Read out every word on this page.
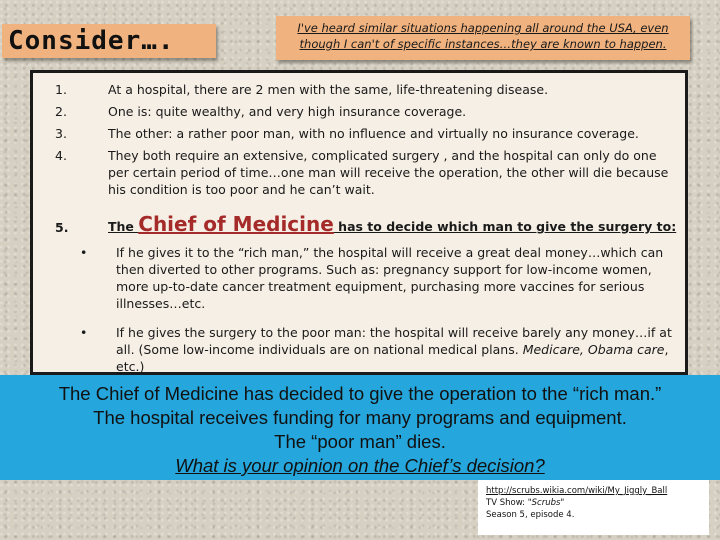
Consider….	I've heard similar situations happening all around the USA, even though I can't of specific instances…they are known to happen.

1.	At a hospital, there are 2 men with the same, life-threatening disease.
2.	One is: quite wealthy, and very high insurance coverage.
3.	The other: a rather poor man, with no influence and virtually no insurance coverage.
4.	They both require an extensive, complicated surgery , and the hospital can only do one per certain period of time…one man will receive the operation, the other will die because his condition is too poor and he can’t wait.
5.	The Chief of Medicine has to decide which man to give the surgery to:
• If he gives it to the “rich man,” the hospital will receive a great deal money…which can then diverted to other programs. Such as: pregnancy support for low-income women, more up-to-date cancer treatment equipment, purchasing more vaccines for serious illnesses…etc.
• If he gives the surgery to the poor man: the hospital will receive barely any money…if at all. (Some low-income individuals are on national medical plans. Medicare, Obama care, etc.)
The Chief of Medicine has decided to give the operation to the “rich man.”
The hospital receives funding for many programs and equipment.
The “poor man” dies.
What is your opinion on the Chief’s decision?
http://scrubs.wikia.com/wiki/My_Jiggly_Ball
TV Show: "Scrubs"
Season 5, episode 4.
